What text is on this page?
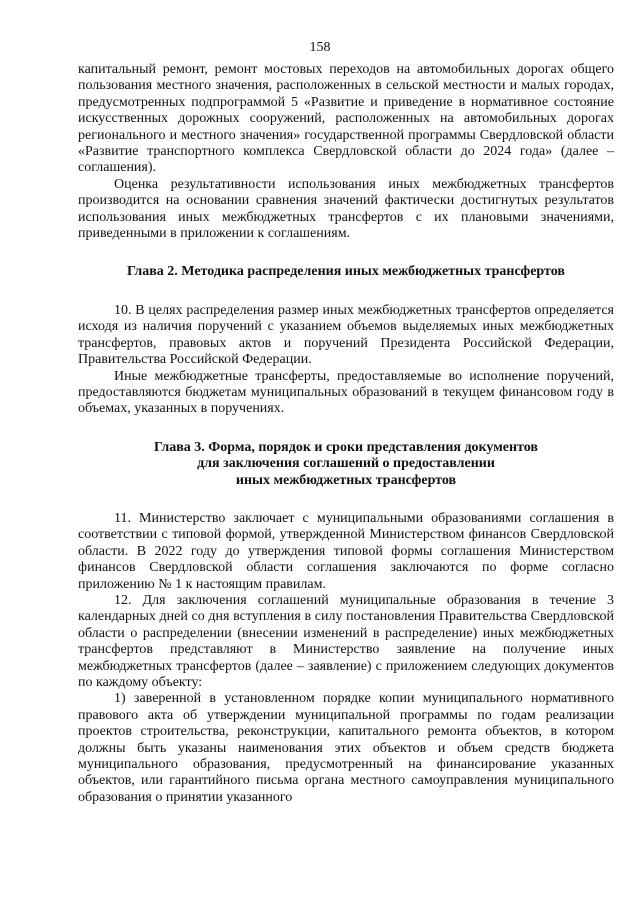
158

капитальный ремонт, ремонт мостовых переходов на автомобильных дорогах общего пользования местного значения, расположенных в сельской местности и малых городах, предусмотренных подпрограммой 5 «Развитие и приведение в нормативное состояние искусственных дорожных сооружений, расположенных на автомобильных дорогах регионального и местного значения» государственной программы Свердловской области «Развитие транспортного комплекса Свердловской области до 2024 года» (далее – соглашения).

Оценка результативности использования иных межбюджетных трансфертов производится на основании сравнения значений фактически достигнутых результатов использования иных межбюджетных трансфертов с их плановыми значениями, приведенными в приложении к соглашениям.

Глава 2. Методика распределения иных межбюджетных трансфертов

10. В целях распределения размер иных межбюджетных трансфертов определяется исходя из наличия поручений с указанием объемов выделяемых иных межбюджетных трансфертов, правовых актов и поручений Президента Российской Федерации, Правительства Российской Федерации.

Иные межбюджетные трансферты, предоставляемые во исполнение поручений, предоставляются бюджетам муниципальных образований в текущем финансовом году в объемах, указанных в поручениях.

Глава 3. Форма, порядок и сроки представления документов

для заключения соглашений о предоставлении

иных межбюджетных трансфертов

11. Министерство заключает с муниципальными образованиями соглашения в соответствии с типовой формой, утвержденной Министерством финансов Свердловской области. В 2022 году до утверждения типовой формы соглашения Министерством финансов Свердловской области соглашения заключаются по форме согласно приложению № 1 к настоящим правилам.

12. Для заключения соглашений муниципальные образования в течение 3 календарных дней со дня вступления в силу постановления Правительства Свердловской области о распределении (внесении изменений в распределение) иных межбюджетных трансфертов представляют в Министерство заявление на получение иных межбюджетных трансфертов (далее – заявление) с приложением следующих документов по каждому объекту:

1) заверенной в установленном порядке копии муниципального нормативного правового акта об утверждении муниципальной программы по годам реализации проектов строительства, реконструкции, капитального ремонта объектов, в котором должны быть указаны наименования этих объектов и объем средств бюджета муниципального образования, предусмотренный на финансирование указанных объектов, или гарантийного письма органа местного самоуправления муниципального образования о принятии указанного
